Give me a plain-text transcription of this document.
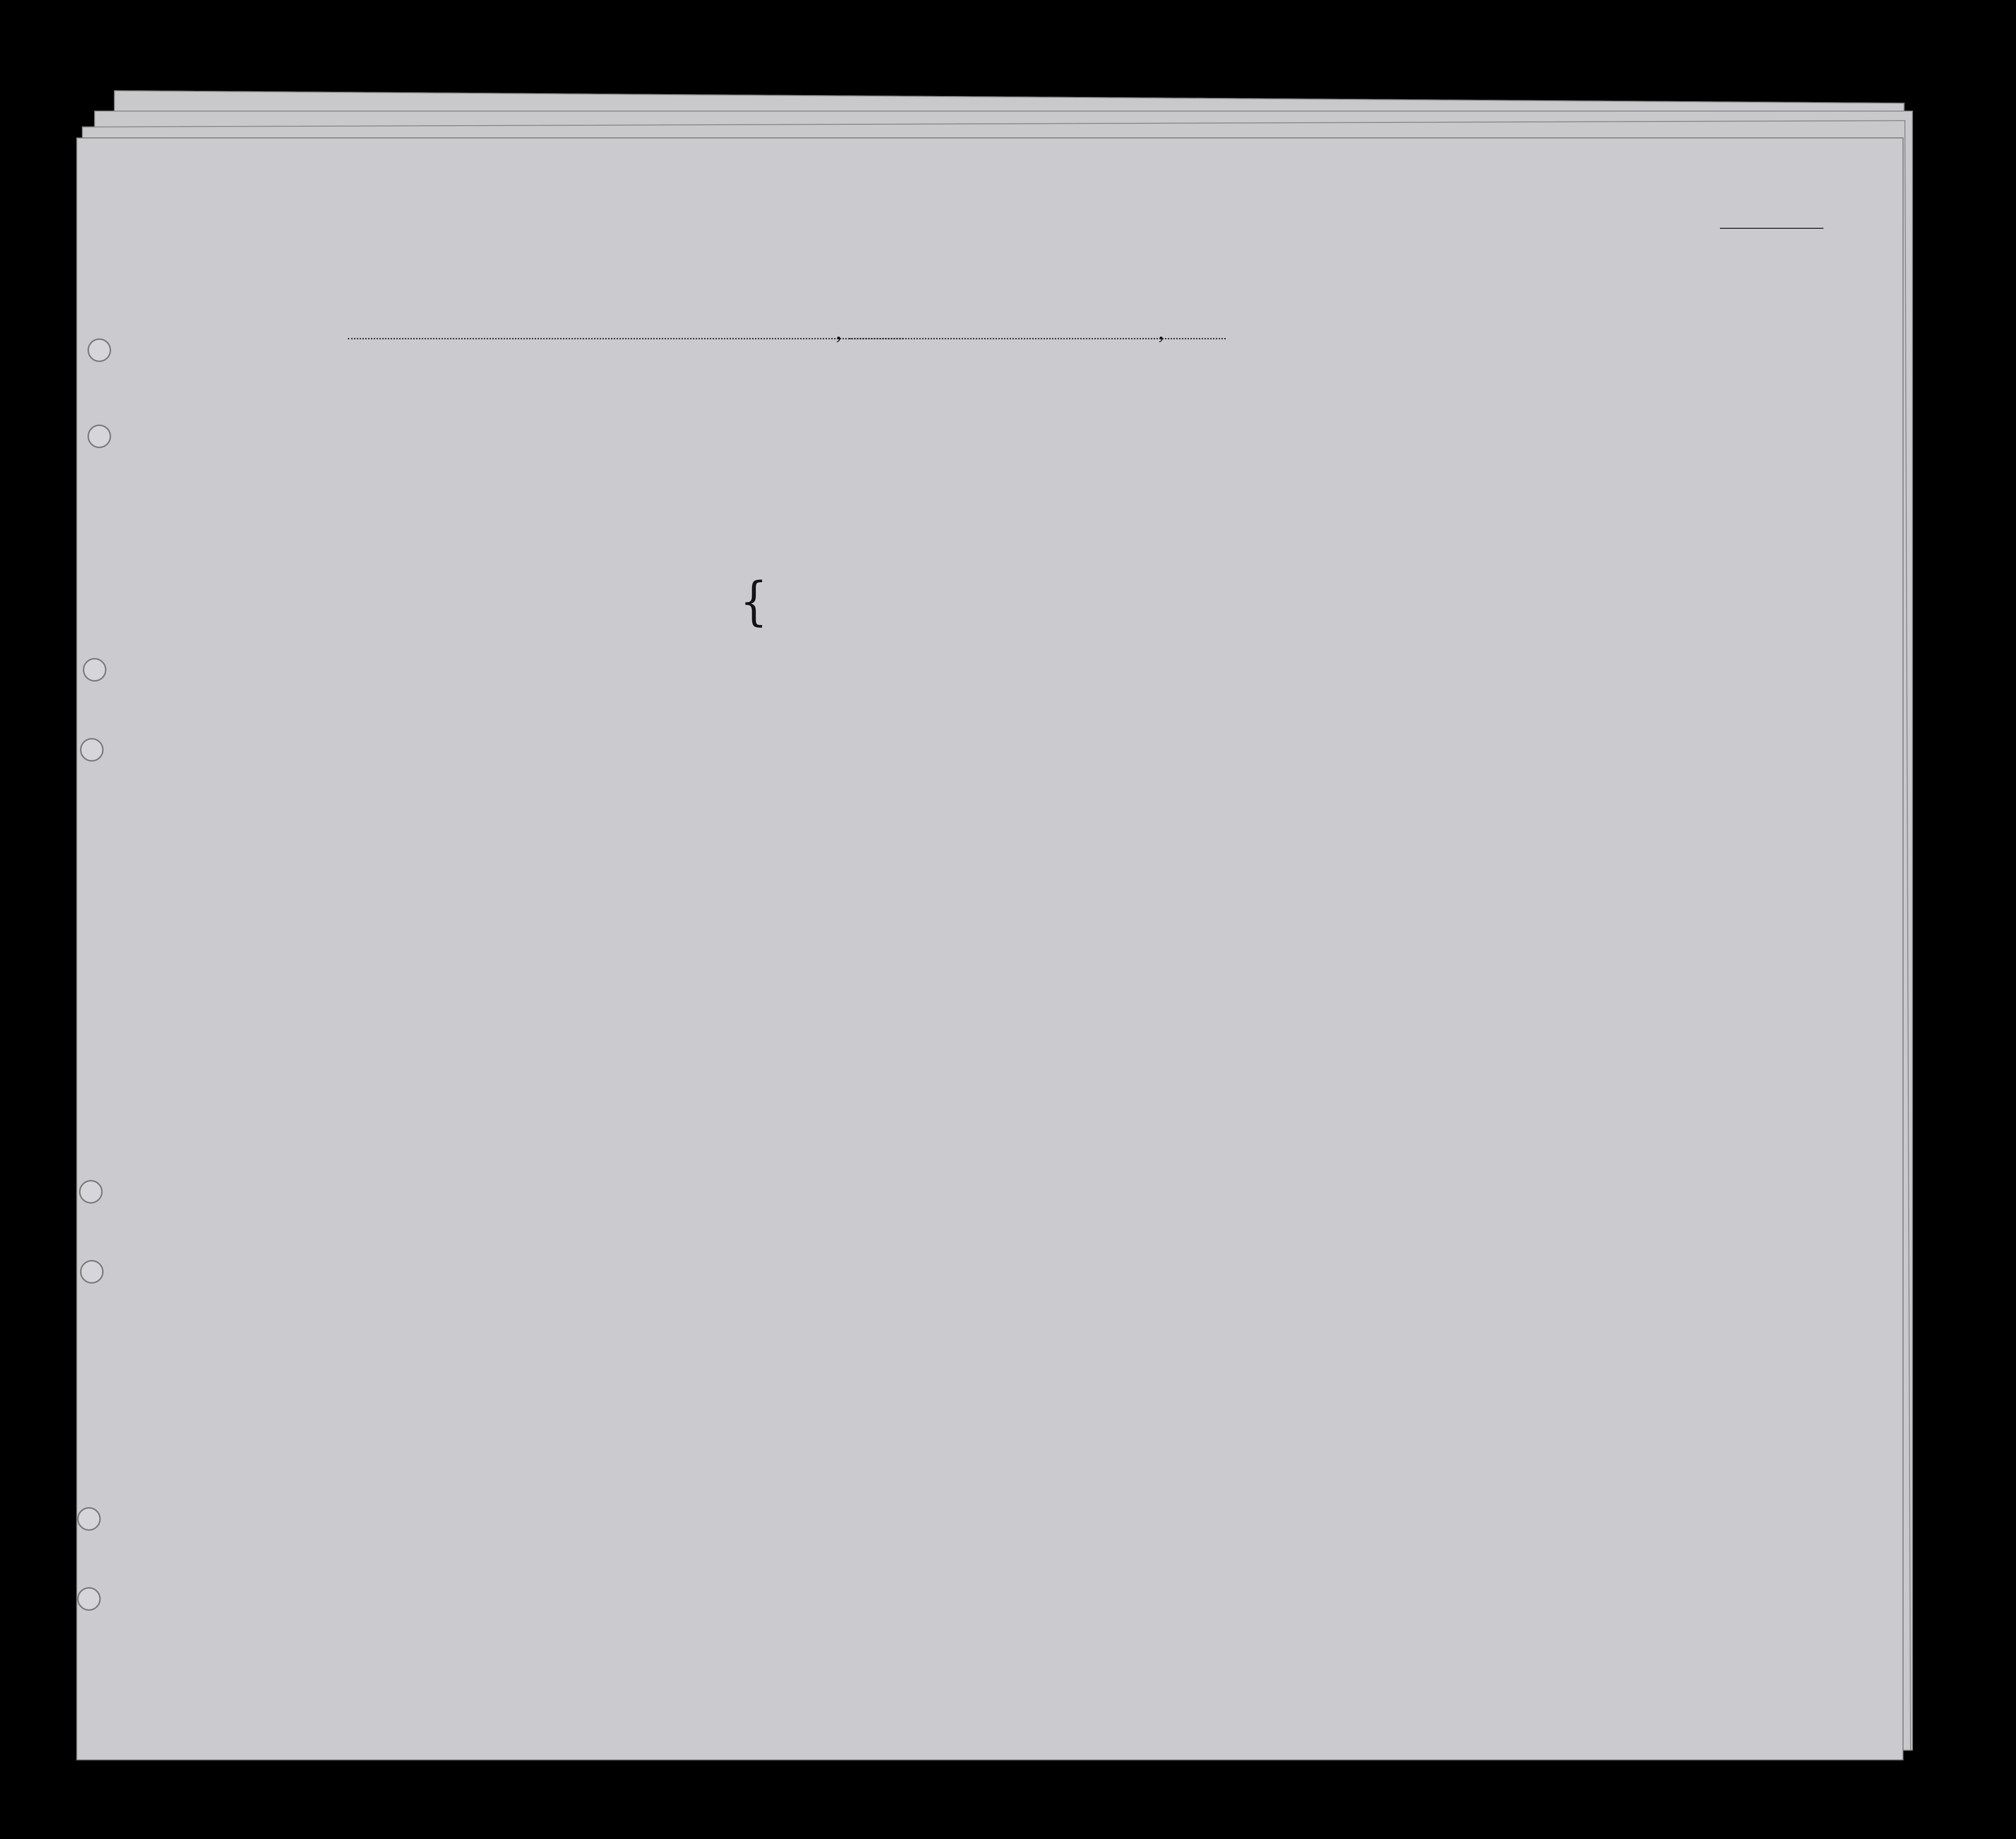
,	,
{
